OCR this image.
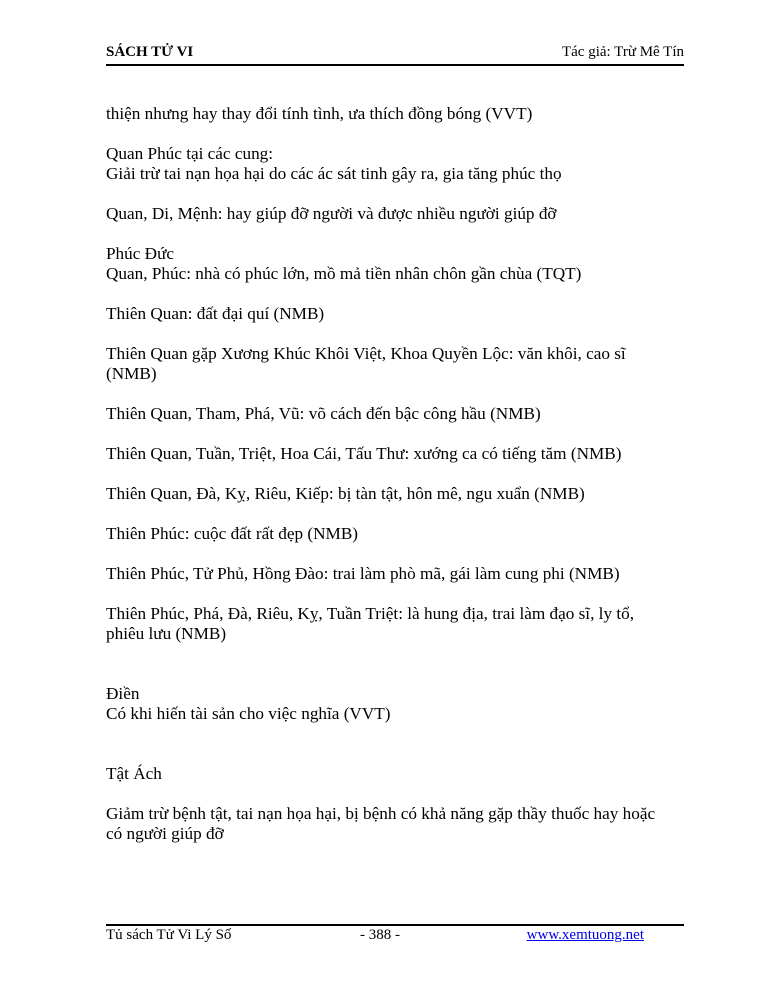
SÁCH TỬ VI	Tác giả: Trừ Mê Tín

thiện nhưng hay thay đổi tính tình, ưa thích đồng bóng (VVT)

Quan Phúc tại các cung:
Giải trừ tai nạn họa hại do các ác sát tinh gây ra, gia tăng phúc thọ

Quan, Di, Mệnh: hay giúp đỡ người và được nhiều người giúp đỡ

Phúc Đức
Quan, Phúc: nhà có phúc lớn, mồ mả tiền nhân chôn gần chùa (TQT)

Thiên Quan: đất đại quí (NMB)

Thiên Quan gặp Xương Khúc Khôi Việt, Khoa Quyền Lộc: văn khôi, cao sĩ
(NMB)

Thiên Quan, Tham, Phá, Vũ: võ cách đến bậc công hầu (NMB)

Thiên Quan, Tuần, Triệt, Hoa Cái, Tấu Thư: xướng ca có tiếng tăm (NMB)

Thiên Quan, Đà, Kỵ, Riêu, Kiếp: bị tàn tật, hôn mê, ngu xuẩn (NMB)

Thiên Phúc: cuộc đất rất đẹp (NMB)

Thiên Phúc, Tử Phủ, Hồng Đào: trai làm phò mã, gái làm cung phi (NMB)

Thiên Phúc, Phá, Đà, Riêu, Kỵ, Tuần Triệt: là hung địa, trai làm đạo sĩ, ly tổ,
phiêu lưu (NMB)

Điền
Có khi hiến tài sản cho việc nghĩa (VVT)

Tật Ách

Giảm trừ bệnh tật, tai nạn họa hại, bị bệnh có khả năng gặp thầy thuốc hay hoặc
có người giúp đỡ

Tủ sách Tử Vi Lý Số	- 388 -	www.xemtuong.net
